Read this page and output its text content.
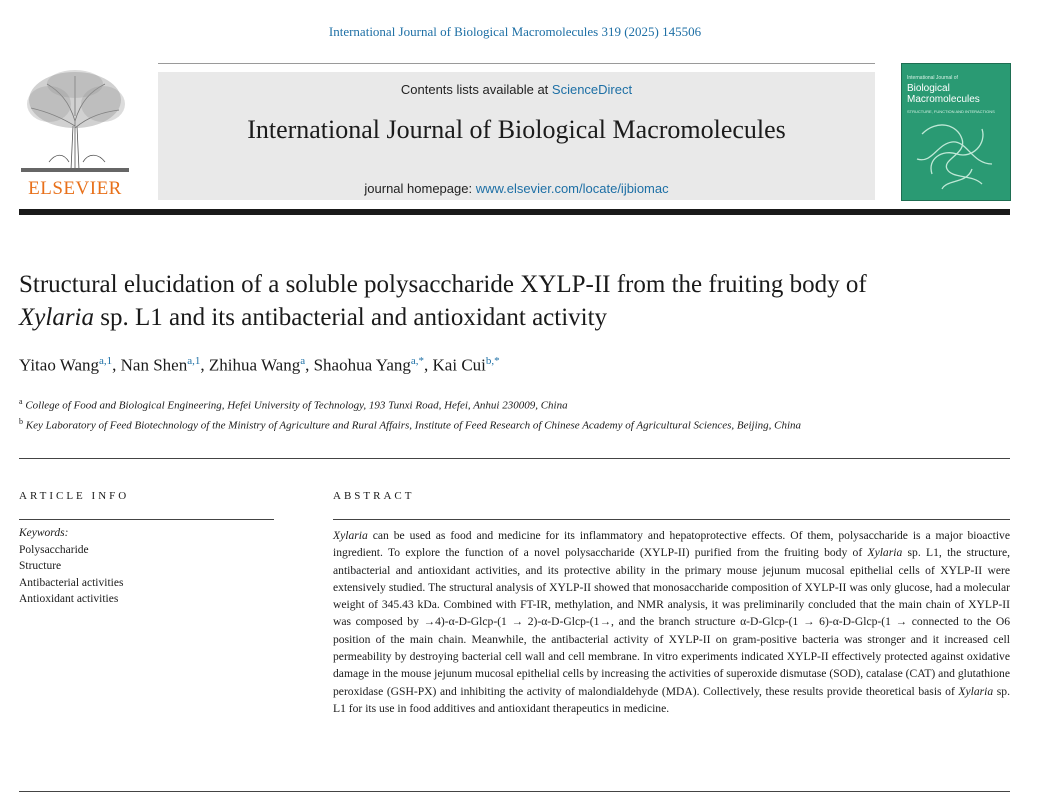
International Journal of Biological Macromolecules 319 (2025) 145506
ELSEVIER
Contents lists available at ScienceDirect
International Journal of Biological Macromolecules
journal homepage: www.elsevier.com/locate/ijbiomac
International Journal of
Biological
Macromolecules
STRUCTURE, FUNCTION AND INTERACTIONS
Structural elucidation of a soluble polysaccharide XYLP-II from the fruiting body of Xylaria sp. L1 and its antibacterial and antioxidant activity
Yitao Wang$^{a,1}$, Nan Shen$^{a,1}$, Zhihua Wang$^a$, Shaohua Yang$^{a,*}$, Kai Cui$^{b,*}$
$^a$ College of Food and Biological Engineering, Hefei University of Technology, 193 Tunxi Road, Hefei, Anhui 230009, China
$^b$ Key Laboratory of Feed Biotechnology of the Ministry of Agriculture and Rural Affairs, Institute of Feed Research of Chinese Academy of Agricultural Sciences, Beijing, China
ARTICLE INFO	ABSTRACT
Keywords:
Polysaccharide
Structure
Antibacterial activities
Antioxidant activities
Xylaria can be used as food and medicine for its inflammatory and hepatoprotective effects. Of them, polysaccharide is a major bioactive ingredient. To explore the function of a novel polysaccharide (XYLP-II) purified from the fruiting body of Xylaria sp. L1, the structure, antibacterial and antioxidant activities, and its protective ability in the primary mouse jejunum mucosal epithelial cells of XYLP-II were extensively studied. The structural analysis of XYLP-II showed that monosaccharide composition of XYLP-II was only glucose, had a molecular weight of 345.43 kDa. Combined with FT-IR, methylation, and NMR analysis, it was preliminarily concluded that the main chain of XYLP-II was composed by →4)-α-D-Glcp-(1 → 2)-α-D-Glcp-(1→, and the branch structure α-D-Glcp-(1 → 6)-α-D-Glcp-(1 → connected to the O6 position of the main chain. Meanwhile, the antibacterial activity of XYLP-II on gram-positive bacteria was stronger and it increased cell permeability by destroying bacterial cell wall and cell membrane. In vitro experiments indicated XYLP-II effectively protected against oxidative damage in the mouse jejunum mucosal epithelial cells by increasing the activities of superoxide dismutase (SOD), catalase (CAT) and glutathione peroxidase (GSH-PX) and inhibiting the activity of malondialdehyde (MDA). Collectively, these results provide theoretical basis of Xylaria sp. L1 for its use in food additives and antioxidant therapeutics in medicine.
